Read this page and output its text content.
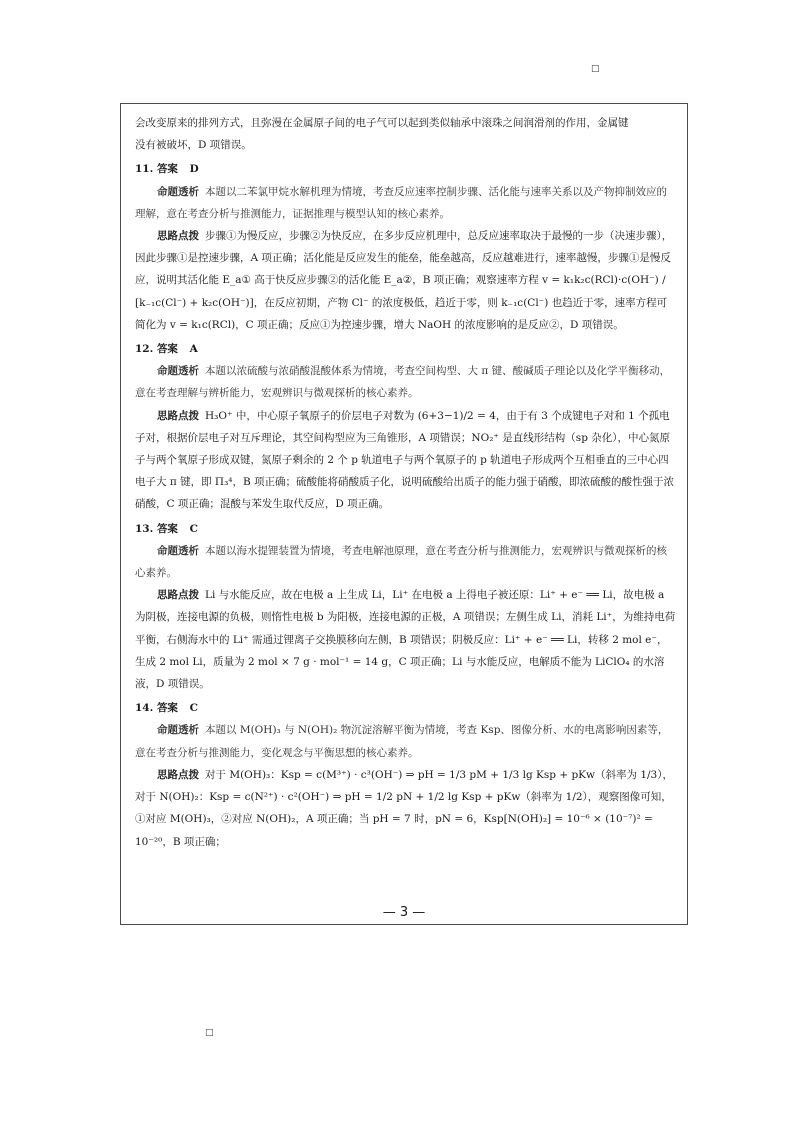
□
□

会改变原来的排列方式，且弥漫在金属原子间的电子气可以起到类似轴承中滚珠之间润滑剂的作用，金属键

没有被破坏，D 项错误。

11. 答案 D

命题透析 本题以二苯氯甲烷水解机理为情境，考查反应速率控制步骤、活化能与速率关系以及产物抑制效应的理解，意在考查分析与推测能力，证据推理与模型认知的核心素养。

思路点拨 步骤①为慢反应，步骤②为快反应，在多步反应机理中，总反应速率取决于最慢的一步（决速步骤），因此步骤①是控速步骤，A 项正确；活化能是反应发生的能垒，能垒越高，反应越难进行，速率越慢，步骤①是慢反应，说明其活化能 E_a① 高于快反应步骤②的活化能 E_a②，B 项正确；观察速率方程 v = k₁k₂c(RCl)·c(OH⁻) / [k₋₁c(Cl⁻) + k₂c(OH⁻)]，在反应初期，产物 Cl⁻ 的浓度极低，趋近于零，则 k₋₁c(Cl⁻) 也趋近于零，速率方程可简化为 v = k₁c(RCl)，C 项正确；反应①为控速步骤，增大 NaOH 的浓度影响的是反应②，D 项错误。

12. 答案 A

命题透析 本题以浓硫酸与浓硝酸混酸体系为情境，考查空间构型、大 π 键、酸碱质子理论以及化学平衡移动，意在考查理解与辨析能力，宏观辨识与微观探析的核心素养。

思路点拨 H₃O⁺ 中，中心原子氧原子的价层电子对数为 (6+3−1)/2 = 4，由于有 3 个成键电子对和 1 个孤电子对，根据价层电子对互斥理论，其空间构型应为三角锥形，A 项错误；NO₂⁺ 是直线形结构（sp 杂化），中心氮原子与两个氧原子形成双键，氮原子剩余的 2 个 p 轨道电子与两个氧原子的 p 轨道电子形成两个互相垂直的三中心四电子大 π 键，即 Π₃⁴，B 项正确；硫酸能将硝酸质子化，说明硫酸给出质子的能力强于硝酸，即浓硫酸的酸性强于浓硝酸，C 项正确；混酸与苯发生取代反应，D 项正确。

13. 答案 C

命题透析 本题以海水提锂装置为情境，考查电解池原理，意在考查分析与推测能力，宏观辨识与微观探析的核心素养。

思路点拨 Li 与水能反应，故在电极 a 上生成 Li，Li⁺ 在电极 a 上得电子被还原：Li⁺ + e⁻ ══ Li，故电极 a 为阴极，连接电源的负极，则惰性电极 b 为阳极，连接电源的正极，A 项错误；左侧生成 Li，消耗 Li⁺，为维持电荷平衡，右侧海水中的 Li⁺ 需通过锂离子交换膜移向左侧，B 项错误；阴极反应：Li⁺ + e⁻ ══ Li，转移 2 mol e⁻，生成 2 mol Li，质量为 2 mol × 7 g · mol⁻¹ = 14 g，C 项正确；Li 与水能反应，电解质不能为 LiClO₄ 的水溶液，D 项错误。

14. 答案 C

命题透析 本题以 M(OH)₃ 与 N(OH)₂ 物沉淀溶解平衡为情境，考查 Ksp、图像分析、水的电离影响因素等，意在考查分析与推测能力，变化观念与平衡思想的核心素养。

思路点拨 对于 M(OH)₃：Ksp = c(M³⁺) · c³(OH⁻) ⇒ pH = 1/3 pM + 1/3 lg Ksp + pKw（斜率为 1/3），对于 N(OH)₂：Ksp = c(N²⁺) · c²(OH⁻) ⇒ pH = 1/2 pN + 1/2 lg Ksp + pKw（斜率为 1/2），观察图像可知，①对应 M(OH)₃，②对应 N(OH)₂，A 项正确；当 pH = 7 时，pN = 6，Ksp[N(OH)₂] = 10⁻⁶ × (10⁻⁷)² = 10⁻²⁰，B 项正确；

— 3 —
